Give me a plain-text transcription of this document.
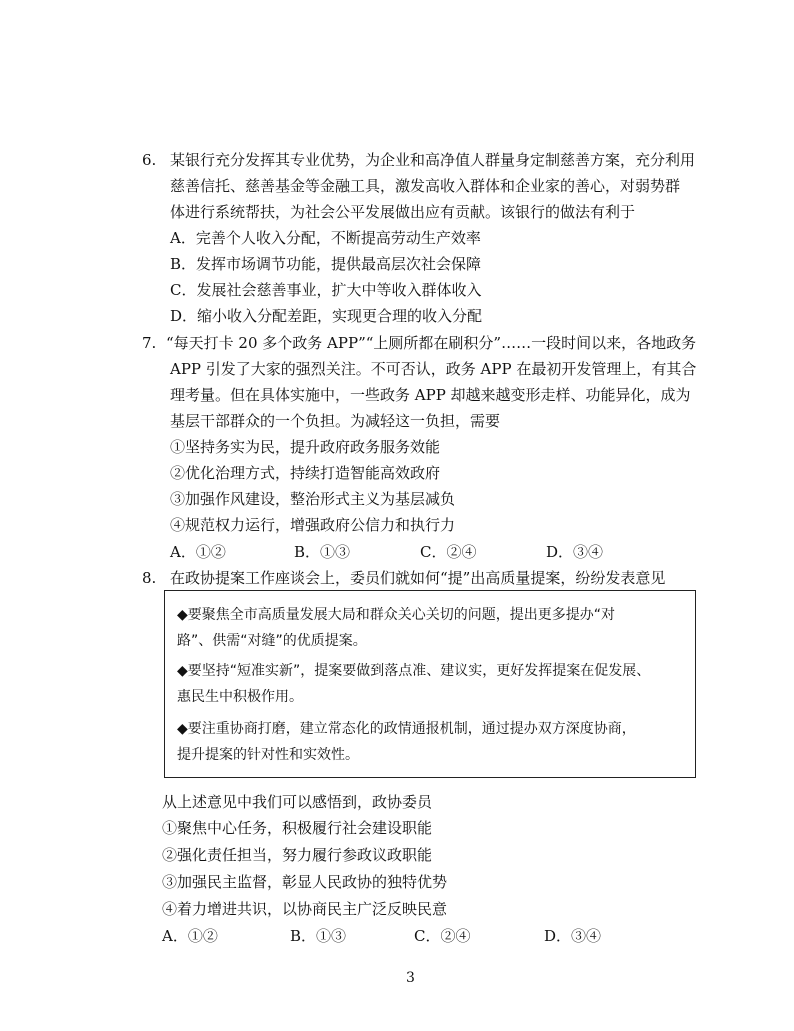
6. 某银行充分发挥其专业优势，为企业和高净值人群量身定制慈善方案，充分利用
慈善信托、慈善基金等金融工具，激发高收入群体和企业家的善心，对弱势群
体进行系统帮扶，为社会公平发展做出应有贡献。该银行的做法有利于
A．完善个人收入分配，不断提高劳动生产效率
B．发挥市场调节功能，提供最高层次社会保障
C．发展社会慈善事业，扩大中等收入群体收入
D．缩小收入分配差距，实现更合理的收入分配
7. “每天打卡 20 多个政务 APP”“上厕所都在刷积分”……一段时间以来，各地政务
APP 引发了大家的强烈关注。不可否认，政务 APP 在最初开发管理上，有其合
理考量。但在具体实施中，一些政务 APP 却越来越变形走样、功能异化，成为
基层干部群众的一个负担。为减轻这一负担，需要
①坚持务实为民，提升政府政务服务效能
②优化治理方式，持续打造智能高效政府
③加强作风建设，整治形式主义为基层减负
④规范权力运行，增强政府公信力和执行力
A．①②	B．①③	C．②④	D．③④
8. 在政协提案工作座谈会上，委员们就如何“提”出高质量提案，纷纷发表意见
◆要聚焦全市高质量发展大局和群众关心关切的问题，提出更多提办“对
路”、供需“对缝”的优质提案。
◆要坚持“短准实新”，提案要做到落点准、建议实，更好发挥提案在促发展、
惠民生中积极作用。
◆要注重协商打磨，建立常态化的政情通报机制，通过提办双方深度协商，
提升提案的针对性和实效性。
从上述意见中我们可以感悟到，政协委员
①聚焦中心任务，积极履行社会建设职能
②强化责任担当，努力履行参政议政职能
③加强民主监督，彰显人民政协的独特优势
④着力增进共识，以协商民主广泛反映民意
A．①②	B．①③	C．②④	D．③④
3
